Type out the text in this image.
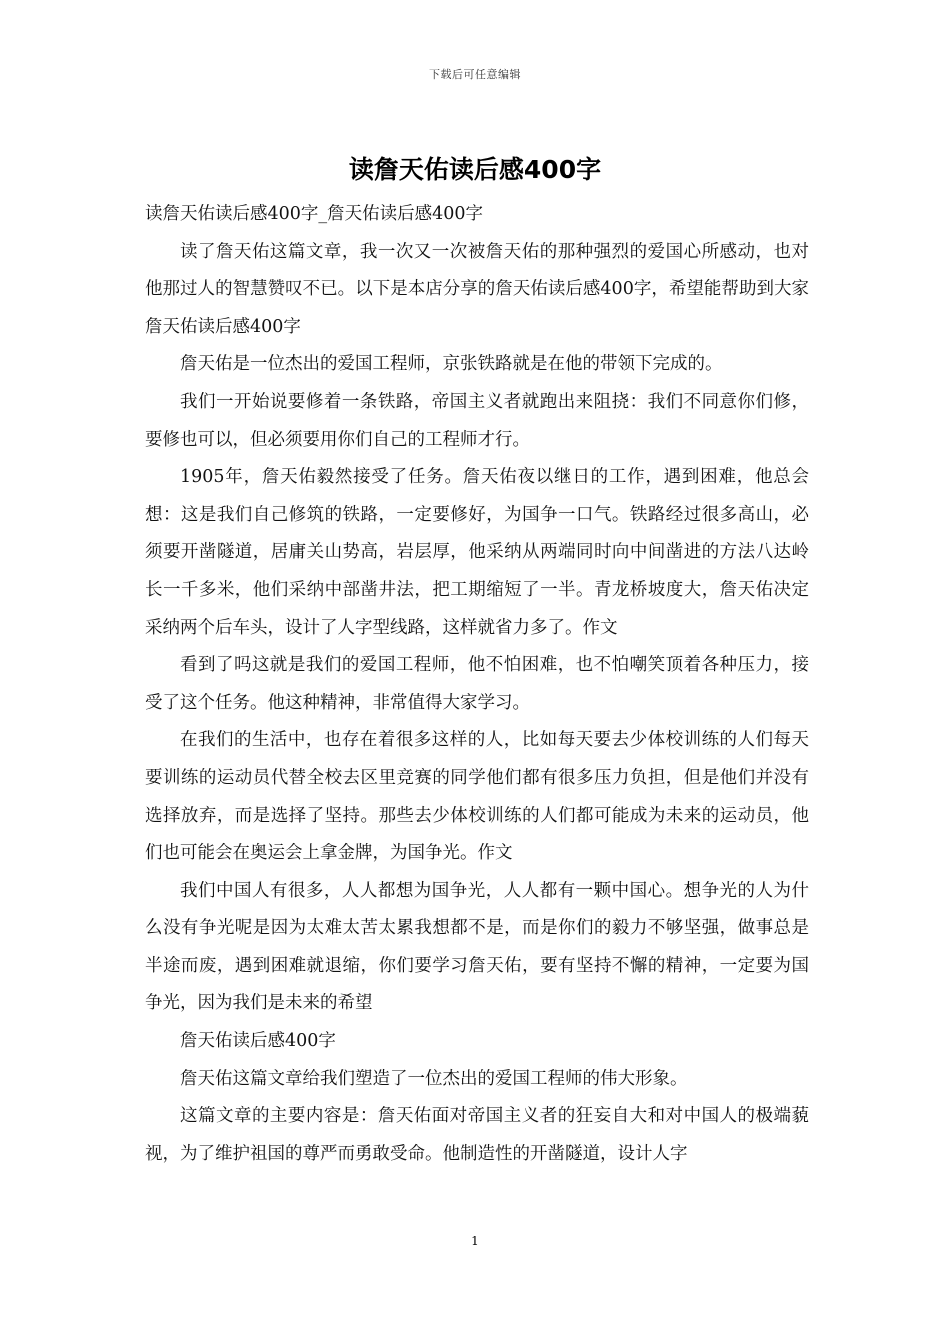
下载后可任意编辑
读詹天佑读后感400字

读詹天佑读后感400字_詹天佑读后感400字

读了詹天佑这篇文章，我一次又一次被詹天佑的那种强烈的爱国心所感动，也对他那过人的智慧赞叹不已。以下是本店分享的詹天佑读后感400字，希望能帮助到大家詹天佑读后感400字

詹天佑是一位杰出的爱国工程师，京张铁路就是在他的带领下完成的。

我们一开始说要修着一条铁路，帝国主义者就跑出来阻挠：我们不同意你们修，要修也可以，但必须要用你们自己的工程师才行。

1905年，詹天佑毅然接受了任务。詹天佑夜以继日的工作，遇到困难，他总会想：这是我们自己修筑的铁路，一定要修好，为国争一口气。铁路经过很多高山，必须要开凿隧道，居庸关山势高，岩层厚，他采纳从两端同时向中间凿进的方法八达岭长一千多米，他们采纳中部凿井法，把工期缩短了一半。青龙桥坡度大，詹天佑决定采纳两个后车头，设计了人字型线路，这样就省力多了。作文

看到了吗这就是我们的爱国工程师，他不怕困难，也不怕嘲笑顶着各种压力，接受了这个任务。他这种精神，非常值得大家学习。

在我们的生活中，也存在着很多这样的人，比如每天要去少体校训练的人们每天要训练的运动员代替全校去区里竞赛的同学他们都有很多压力负担，但是他们并没有选择放弃，而是选择了坚持。那些去少体校训练的人们都可能成为未来的运动员，他们也可能会在奥运会上拿金牌，为国争光。作文

我们中国人有很多，人人都想为国争光，人人都有一颗中国心。想争光的人为什么没有争光呢是因为太难太苦太累我想都不是，而是你们的毅力不够坚强，做事总是半途而废，遇到困难就退缩，你们要学习詹天佑，要有坚持不懈的精神，一定要为国争光，因为我们是未来的希望

詹天佑读后感400字

詹天佑这篇文章给我们塑造了一位杰出的爱国工程师的伟大形象。

这篇文章的主要内容是：詹天佑面对帝国主义者的狂妄自大和对中国人的极端藐视，为了维护祖国的尊严而勇敢受命。他制造性的开凿隧道，设计人字

1
